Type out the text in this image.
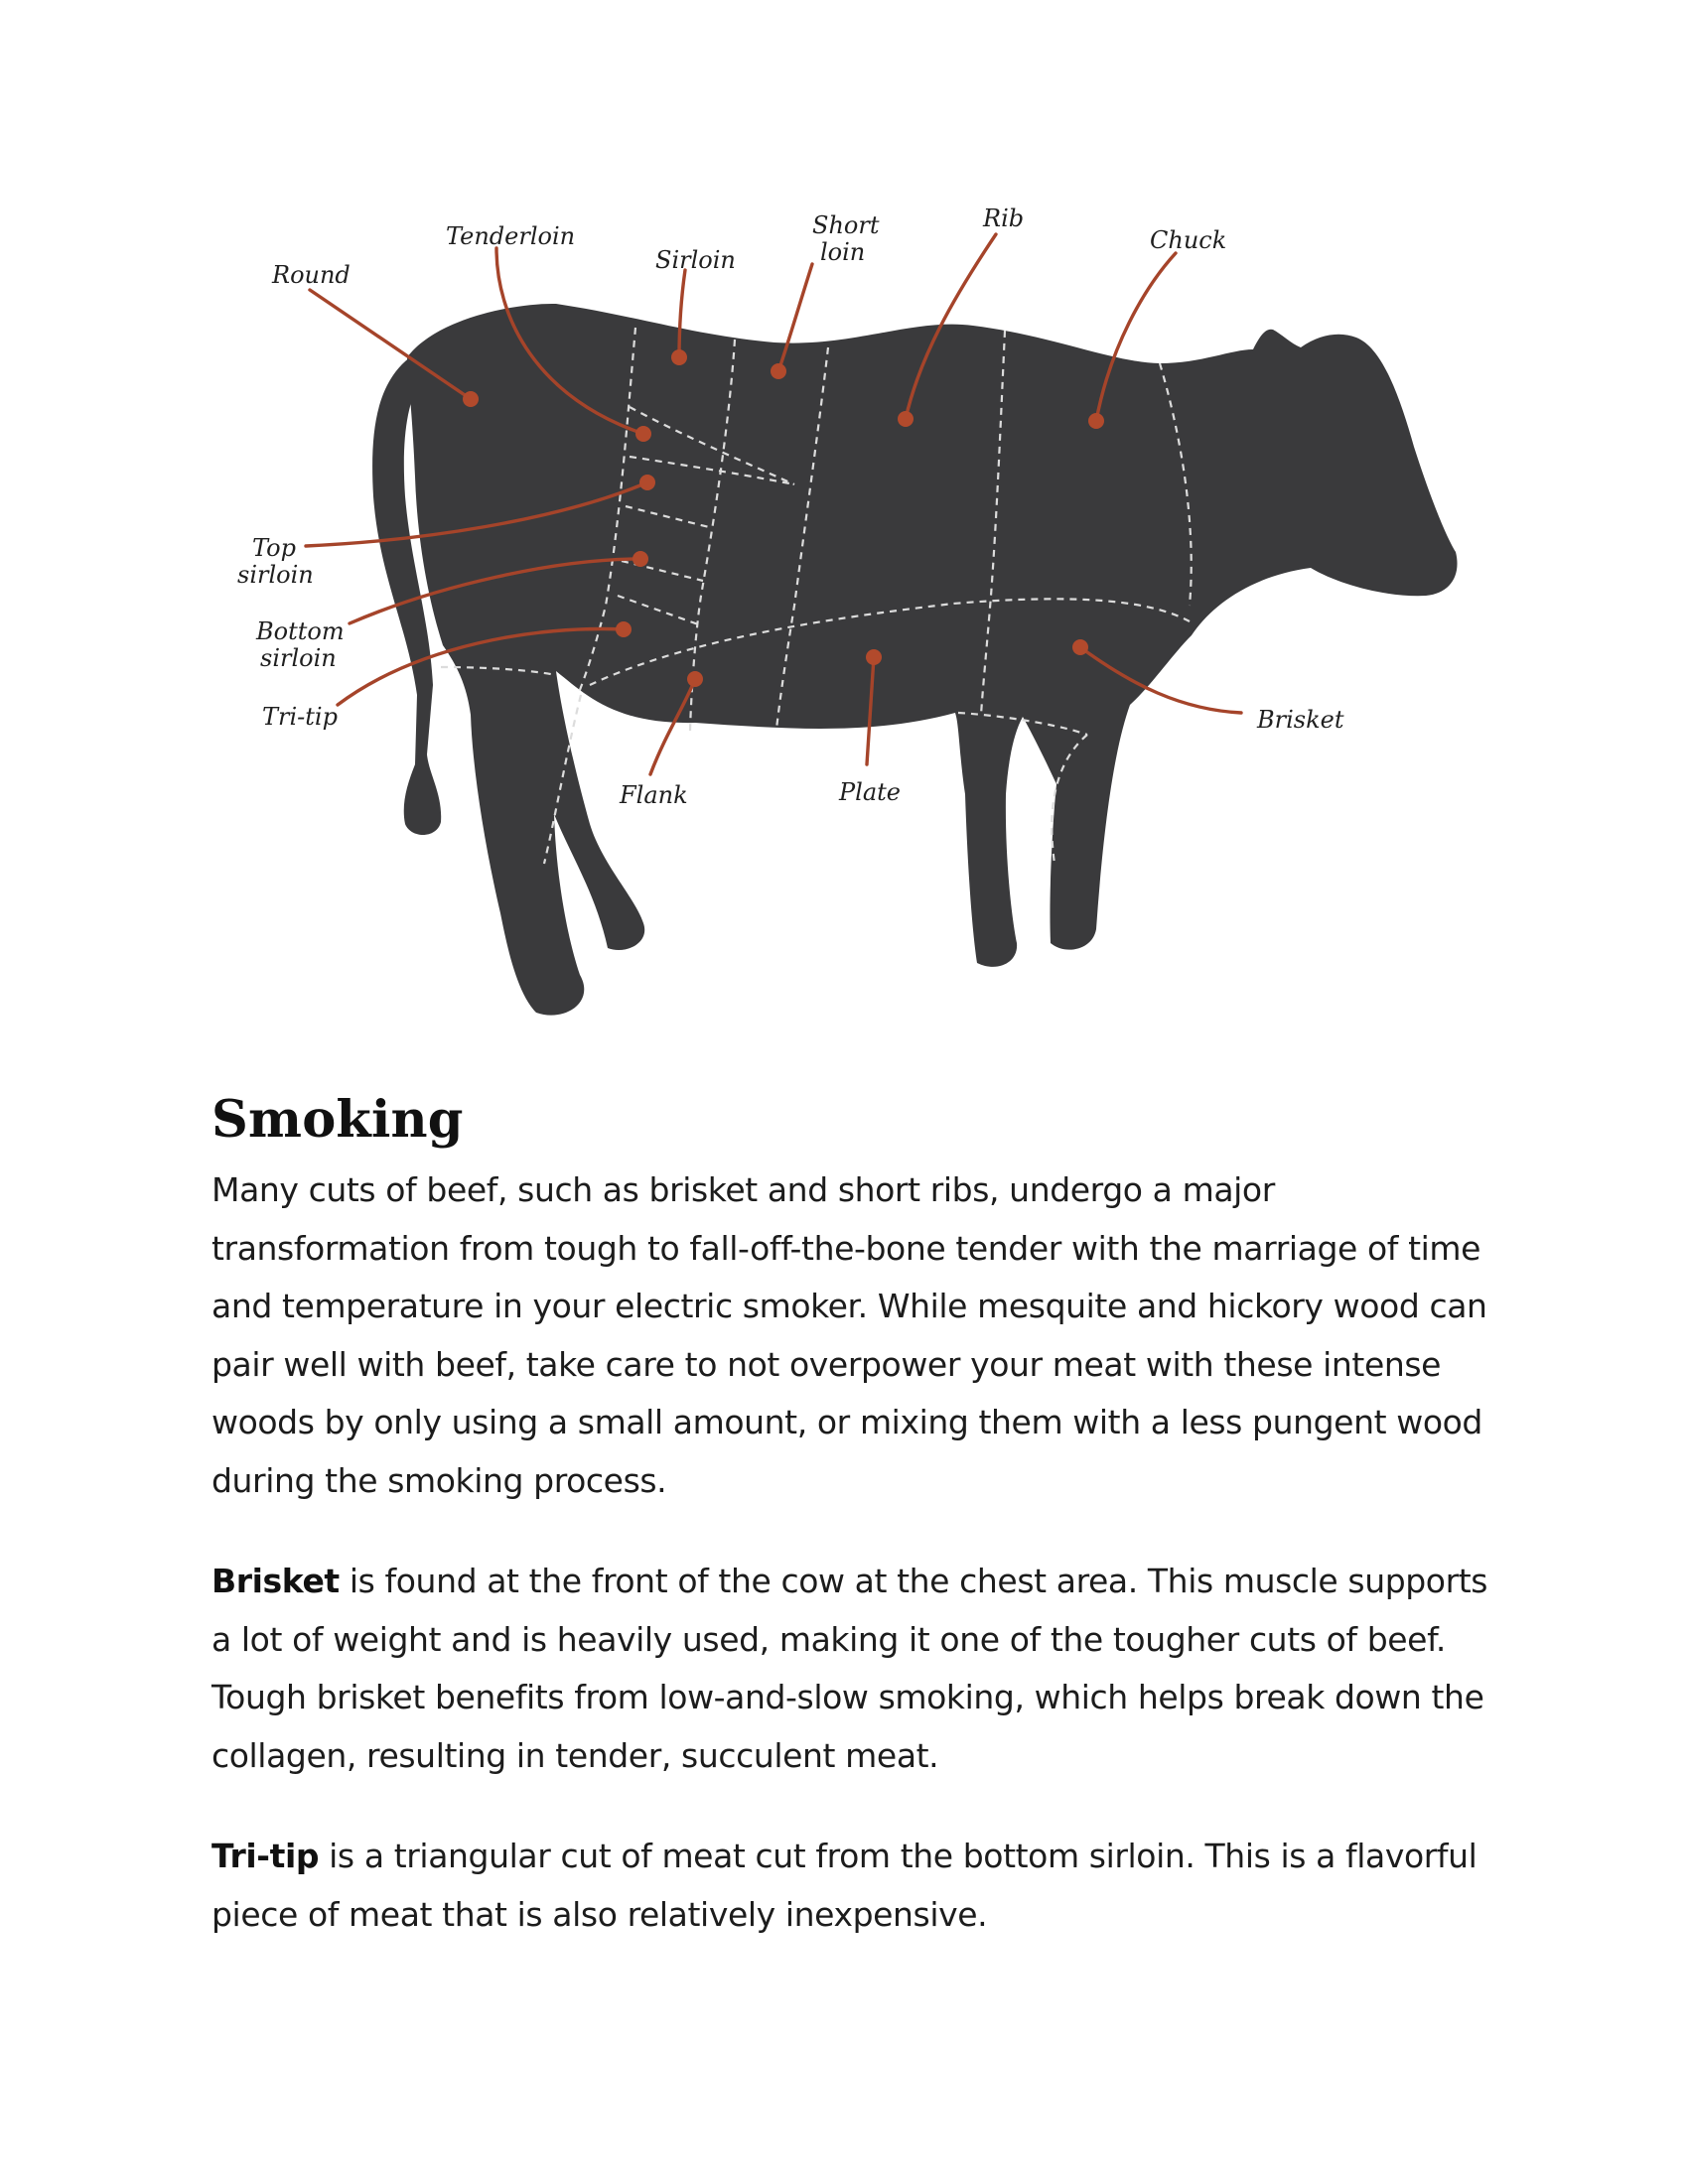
Round
Tenderloin
Sirloin
Short
loin
Rib
Chuck
Top
sirloin
Bottom
sirloin
Tri-tip
Flank	Plate
Brisket
Smoking

Many cuts of beef, such as brisket and short ribs, undergo a major transformation from tough to fall-off-the-bone tender with the marriage of time and temperature in your electric smoker. While mesquite and hickory wood can pair well with beef, take care to not overpower your meat with these intense woods by only using a small amount, or mixing them with a less pungent wood during the smoking process.

Brisket is found at the front of the cow at the chest area. This muscle supports a lot of weight and is heavily used, making it one of the tougher cuts of beef. Tough brisket benefits from low-and-slow smoking, which helps break down the collagen, resulting in tender, succulent meat.

Tri-tip is a triangular cut of meat cut from the bottom sirloin. This is a flavorful piece of meat that is also relatively inexpensive.
